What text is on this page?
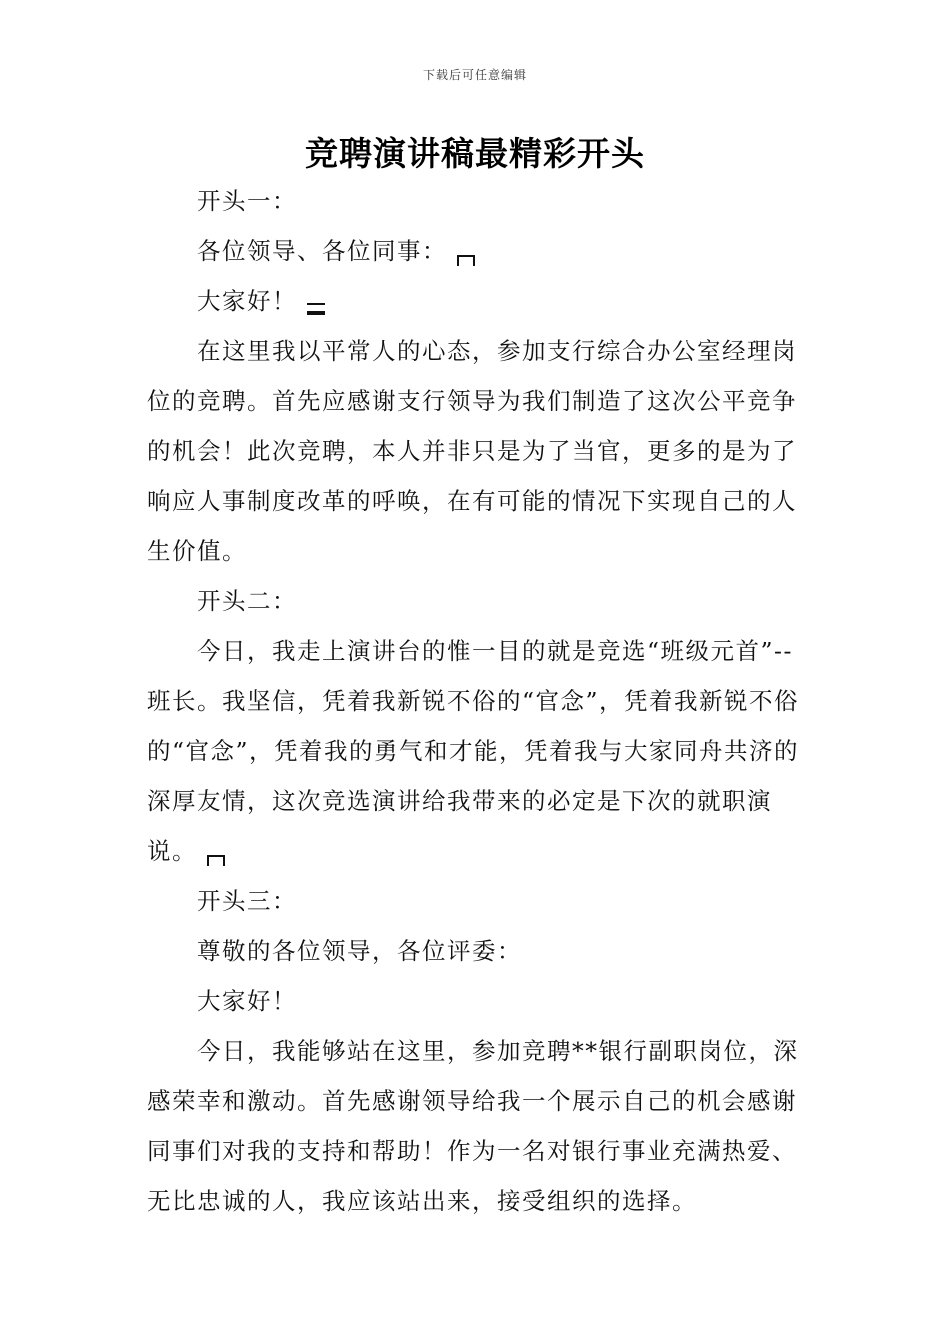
下载后可任意编辑
竞聘演讲稿最精彩开头

开头一：

各位领导、各位同事：

大家好！

在这里我以平常人的心态，参加支行综合办公室经理岗位的竞聘。首先应感谢支行领导为我们制造了这次公平竞争的机会！此次竞聘，本人并非只是为了当官，更多的是为了响应人事制度改革的呼唤，在有可能的情况下实现自己的人生价值。

开头二：

今日，我走上演讲台的惟一目的就是竞选“班级元首”--班长。我坚信，凭着我新锐不俗的“官念”，凭着我新锐不俗的“官念”，凭着我的勇气和才能，凭着我与大家同舟共济的深厚友情，这次竞选演讲给我带来的必定是下次的就职演说。

开头三：

尊敬的各位领导，各位评委：

大家好！

今日，我能够站在这里，参加竞聘**银行副职岗位，深感荣幸和激动。首先感谢领导给我一个展示自己的机会感谢同事们对我的支持和帮助！作为一名对银行事业充满热爱、无比忠诚的人，我应该站出来，接受组织的选择。
